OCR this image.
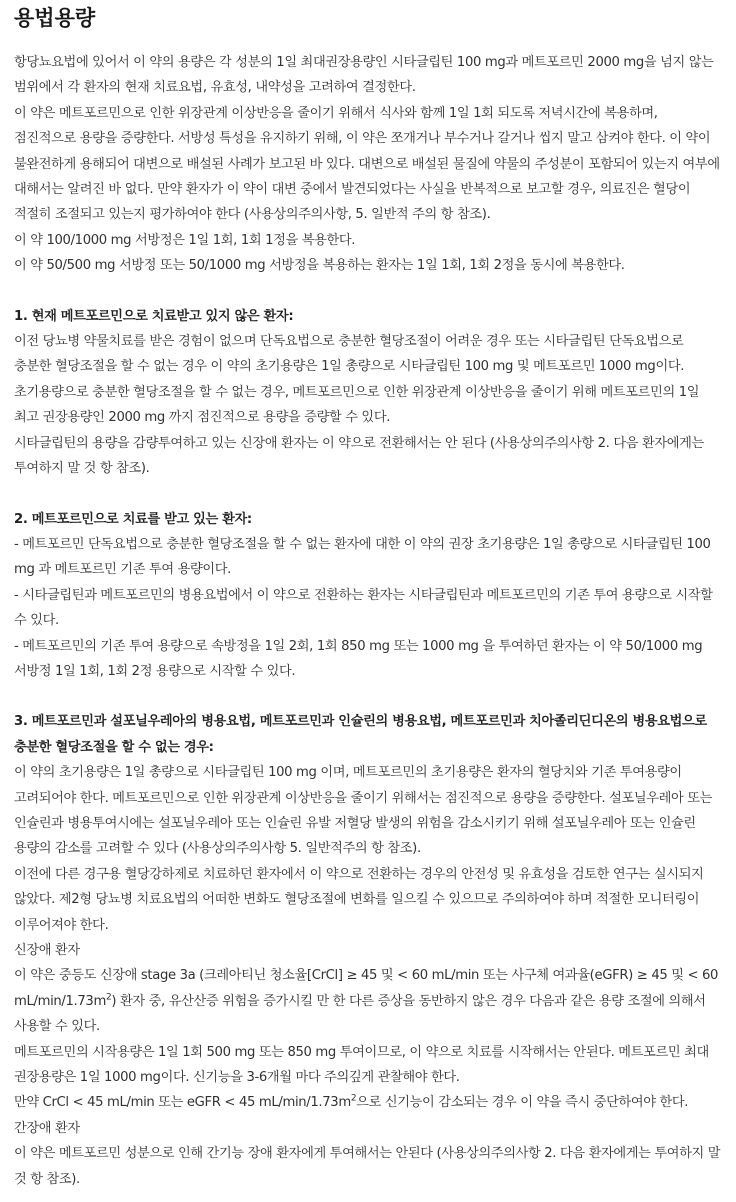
용법용량

항당뇨요법에 있어서 이 약의 용량은 각 성분의 1일 최대권장용량인 시타글립틴 100 mg과 메트포르민 2000 mg을 넘지 않는 범위에서 각 환자의 현재 치료요법, 유효성, 내약성을 고려하여 결정한다.

이 약은 메트포르민으로 인한 위장관계 이상반응을 줄이기 위해서 식사와 함께 1일 1회 되도록 저녁시간에 복용하며, 점진적으로 용량을 증량한다. 서방성 특성을 유지하기 위해, 이 약은 쪼개거나 부수거나 갈거나 씹지 말고 삼켜야 한다. 이 약이 불완전하게 용해되어 대변으로 배설된 사례가 보고된 바 있다. 대변으로 배설된 물질에 약물의 주성분이 포함되어 있는지 여부에 대해서는 알려진 바 없다. 만약 환자가 이 약이 대변 중에서 발견되었다는 사실을 반복적으로 보고할 경우, 의료진은 혈당이 적절히 조절되고 있는지 평가하여야 한다 (사용상의주의사항, 5. 일반적 주의 항 참조).

이 약 100/1000 mg 서방정은 1일 1회, 1회 1정을 복용한다.

이 약 50/500 mg 서방정 또는 50/1000 mg 서방정을 복용하는 환자는 1일 1회, 1회 2정을 동시에 복용한다.

1. 현재 메트포르민으로 치료받고 있지 않은 환자:

이전 당뇨병 약물치료를 받은 경험이 없으며 단독요법으로 충분한 혈당조절이 어려운 경우 또는 시타글립틴 단독요법으로 충분한 혈당조절을 할 수 없는 경우 이 약의 초기용량은 1일 총량으로 시타글립틴 100 mg 및 메트포르민 1000 mg이다. 초기용량으로 충분한 혈당조절을 할 수 없는 경우, 메트포르민으로 인한 위장관계 이상반응을 줄이기 위해 메트포르민의 1일 최고 권장용량인 2000 mg 까지 점진적으로 용량을 증량할 수 있다.

시타글립틴의 용량을 감량투여하고 있는 신장애 환자는 이 약으로 전환해서는 안 된다 (사용상의주의사항 2. 다음 환자에게는 투여하지 말 것 항 참조).

2. 메트포르민으로 치료를 받고 있는 환자:

- 메트포르민 단독요법으로 충분한 혈당조절을 할 수 없는 환자에 대한 이 약의 권장 초기용량은 1일 총량으로 시타글립틴 100 mg 과 메트포르민 기존 투여 용량이다.

- 시타글립틴과 메트포르민의 병용요법에서 이 약으로 전환하는 환자는 시타글립틴과 메트포르민의 기존 투여 용량으로 시작할 수 있다.

- 메트포르민의 기존 투여 용량으로 속방정을 1일 2회, 1회 850 mg 또는 1000 mg 을 투여하던 환자는 이 약 50/1000 mg 서방정 1일 1회, 1회 2정 용량으로 시작할 수 있다.

3. 메트포르민과 설포닐우레아의 병용요법, 메트포르민과 인슐린의 병용요법, 메트포르민과 치아졸리딘디온의 병용요법으로 충분한 혈당조절을 할 수 없는 경우:

이 약의 초기용량은 1일 총량으로 시타글립틴 100 mg 이며, 메트포르민의 초기용량은 환자의 혈당치와 기존 투여용량이 고려되어야 한다. 메트포르민으로 인한 위장관계 이상반응을 줄이기 위해서는 점진적으로 용량을 증량한다. 설포닐우레아 또는 인슐린과 병용투여시에는 설포닐우레아 또는 인슐린 유발 저혈당 발생의 위험을 감소시키기 위해 설포닐우레아 또는 인슐린 용량의 감소를 고려할 수 있다 (사용상의주의사항 5. 일반적주의 항 참조).

이전에 다른 경구용 혈당강하제로 치료하던 환자에서 이 약으로 전환하는 경우의 안전성 및 유효성을 검토한 연구는 실시되지 않았다. 제2형 당뇨병 치료요법의 어떠한 변화도 혈당조절에 변화를 일으킬 수 있으므로 주의하여야 하며 적절한 모니터링이 이루어져야 한다.

신장애 환자

이 약은 중등도 신장애 stage 3a (크레아티닌 청소율[CrCl] ≥ 45 및 < 60 mL/min 또는 사구체 여과율(eGFR) ≥ 45 및 < 60 $mL/\min/1.73m^2$) 환자 중, 유산산증 위험을 증가시킬 만 한 다른 증상을 동반하지 않은 경우 다음과 같은 용량 조절에 의해서 사용할 수 있다.

메트포르민의 시작용량은 1일 1회 500 mg 또는 850 mg 투여이므로, 이 약으로 치료를 시작해서는 안된다. 메트포르민 최대 권장용량은 1일 1000 mg이다. 신기능을 3-6개월 마다 주의깊게 관찰해야 한다.

만약 CrCl < 45 mL/min 또는 eGFR < 45 $mL/\min/1.73m^2$으로 신기능이 감소되는 경우 이 약을 즉시 중단하여야 한다.

간장애 환자

이 약은 메트포르민 성분으로 인해 간기능 장애 환자에게 투여해서는 안된다 (사용상의주의사항 2. 다음 환자에게는 투여하지 말 것 항 참조).
